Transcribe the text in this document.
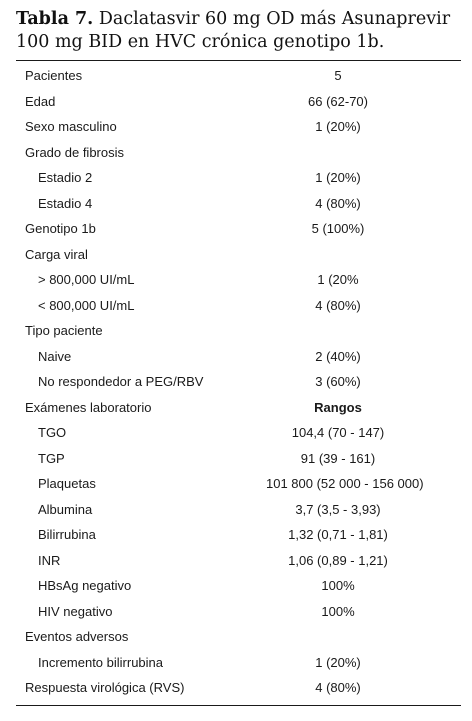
Tabla 7. Daclatasvir 60 mg OD más Asunaprevir 100 mg BID en HVC crónica genotipo 1b.
Pacientes	5
Edad	66 (62-70)
Sexo masculino	1 (20%)
Grado de fibrosis
Estadio 2	1 (20%)
Estadio 4	4 (80%)
Genotipo 1b	5 (100%)
Carga viral
> 800,000 UI/mL	1 (20%
< 800,000 UI/mL	4 (80%)
Tipo paciente
Naive	2 (40%)
No respondedor a PEG/RBV	3 (60%)
Exámenes laboratorio	Rangos
TGO	104,4 (70 - 147)
TGP	91 (39 - 161)
Plaquetas	101 800 (52 000 - 156 000)
Albumina	3,7 (3,5 - 3,93)
Bilirrubina	1,32 (0,71 - 1,81)
INR	1,06 (0,89 - 1,21)
HBsAg negativo	100%
HIV negativo	100%
Eventos adversos
Incremento bilirrubina	1 (20%)
Respuesta virológica (RVS)	4 (80%)
